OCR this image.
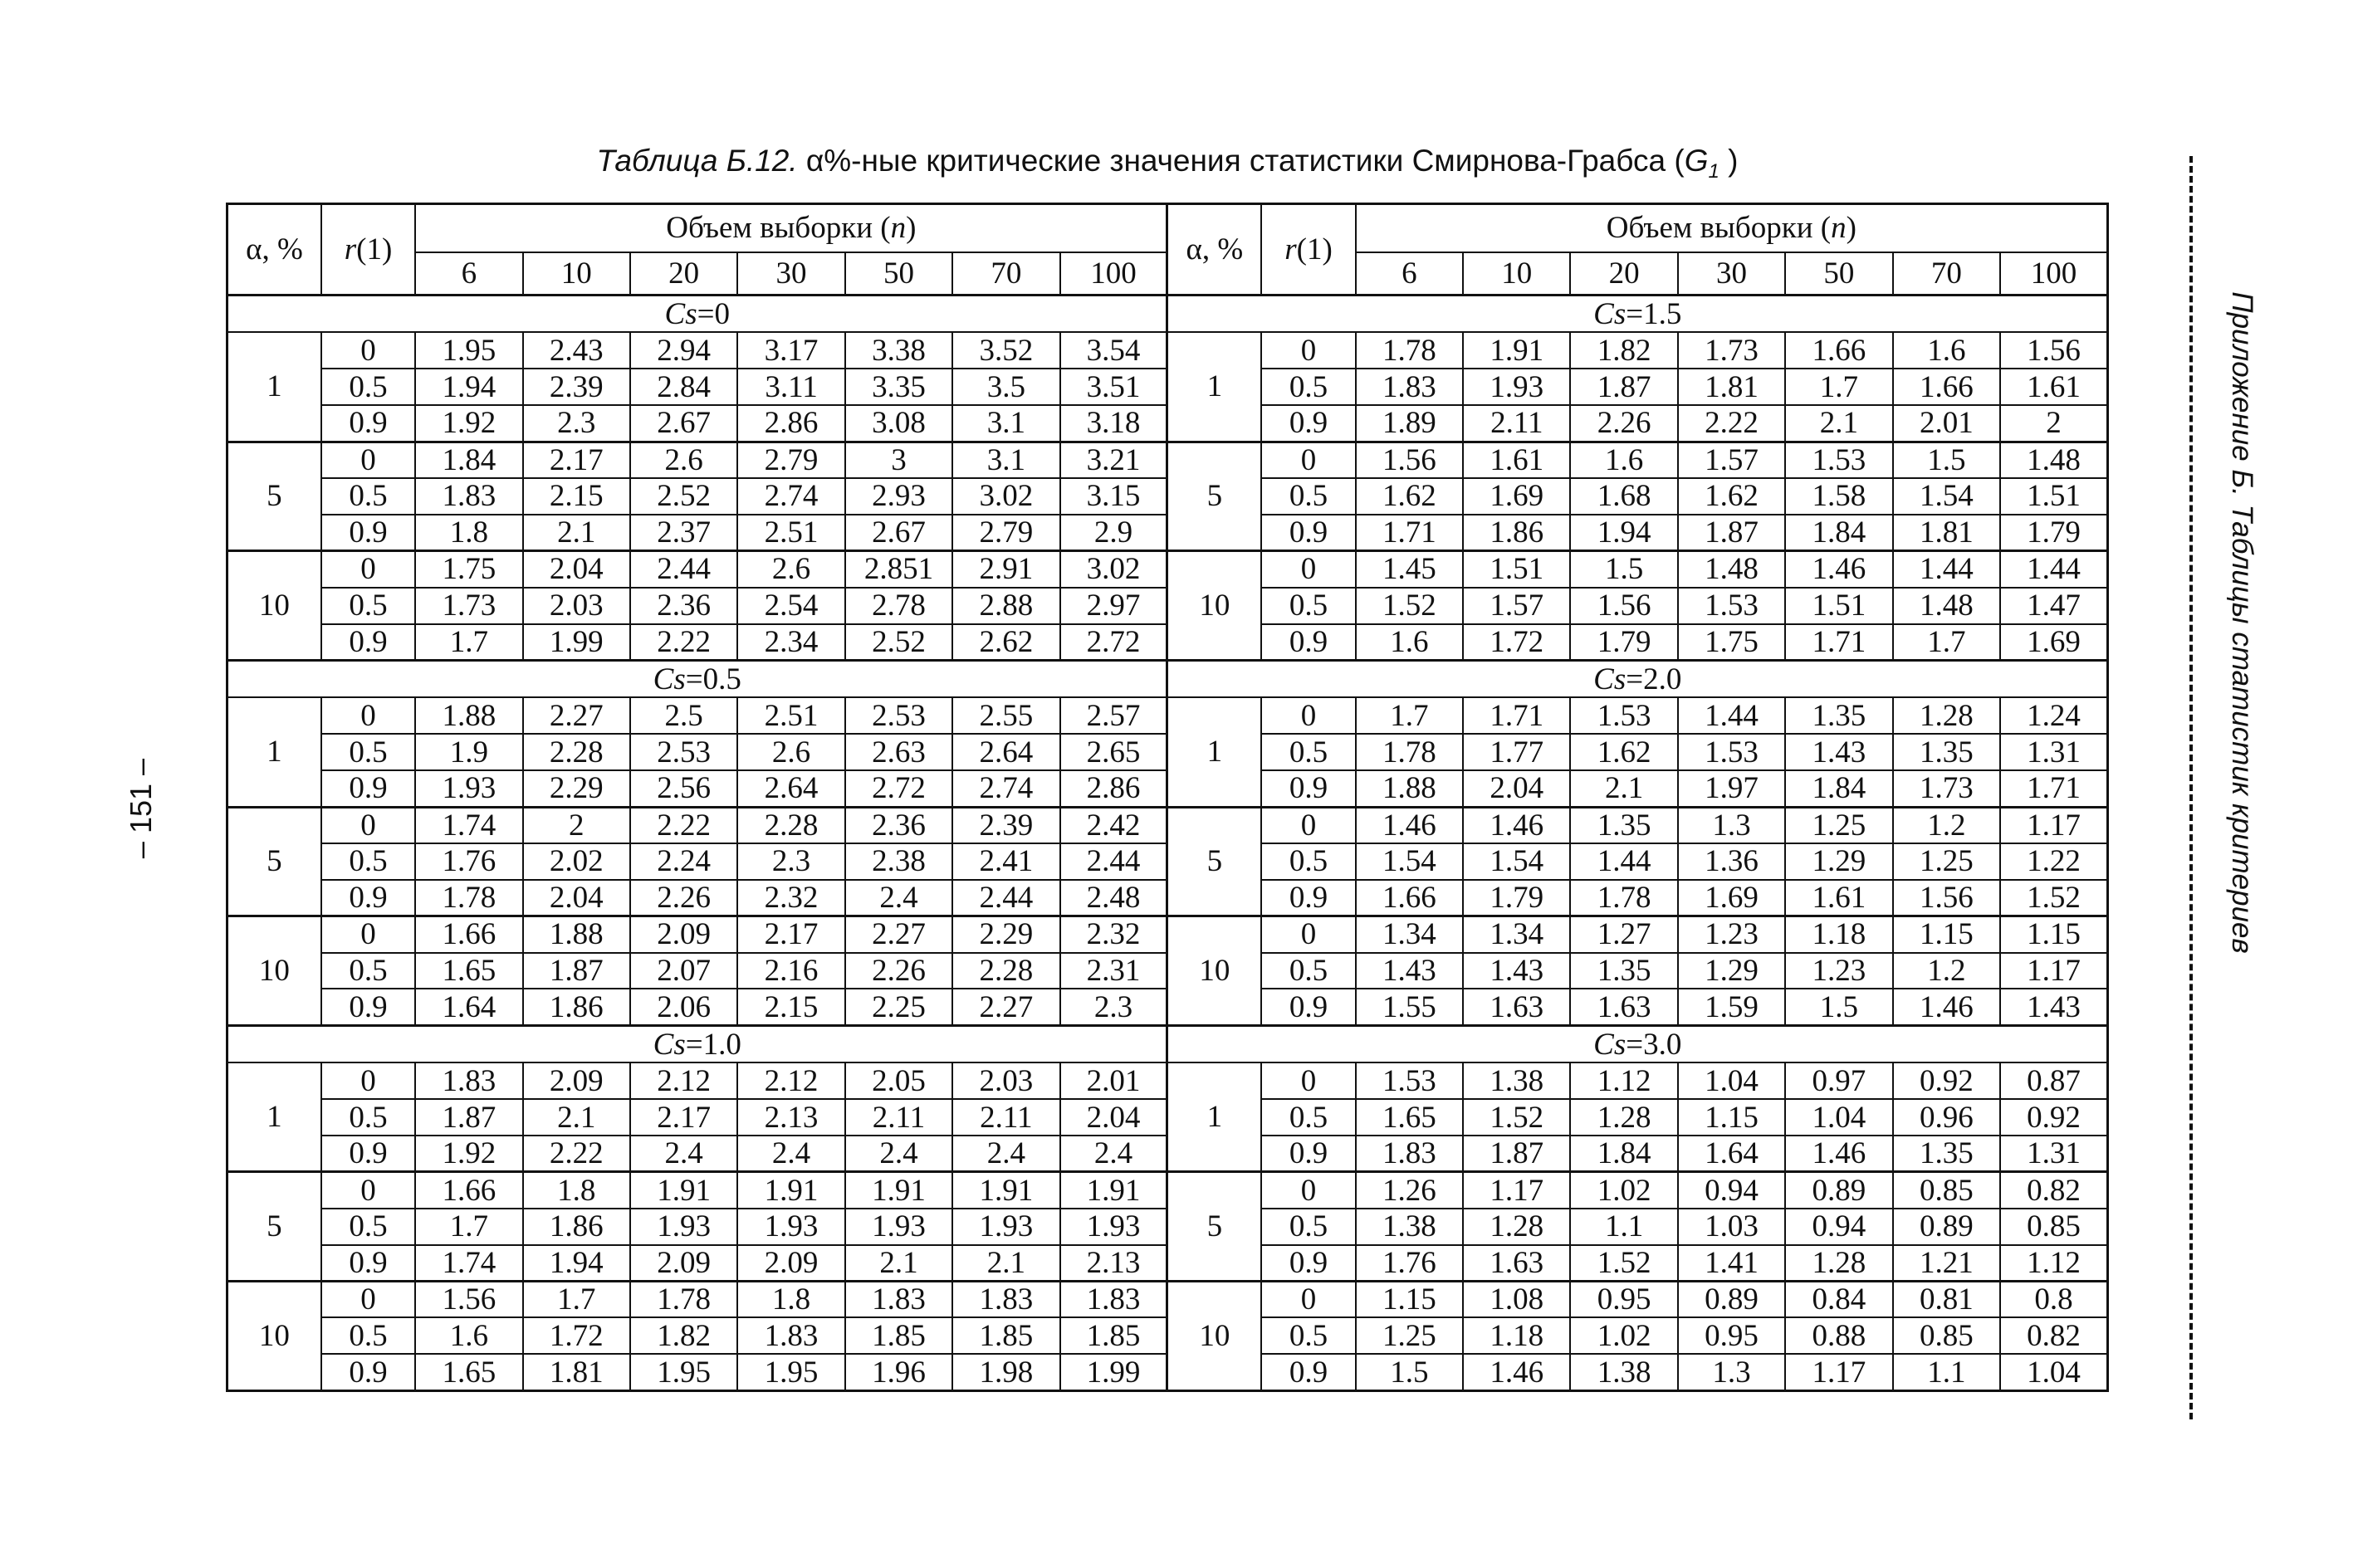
Таблица Б.12. α%-ные критические значения статистики Смирнова-Грабса ($G_1$ )
α, %	r(1)	Объем выборки (n)							α, %	r(1)	Объем выборки (n)						
		6	10	20	30	50	70	100			6	10	20	30	50	70	100
Cs=0									Cs=1.5								
1	0	1.95	2.43	2.94	3.17	3.38	3.52	3.54	1	0	1.78	1.91	1.82	1.73	1.66	1.6	1.56
	0.5	1.94	2.39	2.84	3.11	3.35	3.5	3.51		0.5	1.83	1.93	1.87	1.81	1.7	1.66	1.61
	0.9	1.92	2.3	2.67	2.86	3.08	3.1	3.18		0.9	1.89	2.11	2.26	2.22	2.1	2.01	2
5	0	1.84	2.17	2.6	2.79	3	3.1	3.21	5	0	1.56	1.61	1.6	1.57	1.53	1.5	1.48
	0.5	1.83	2.15	2.52	2.74	2.93	3.02	3.15		0.5	1.62	1.69	1.68	1.62	1.58	1.54	1.51
	0.9	1.8	2.1	2.37	2.51	2.67	2.79	2.9		0.9	1.71	1.86	1.94	1.87	1.84	1.81	1.79
10	0	1.75	2.04	2.44	2.6	2.851	2.91	3.02	10	0	1.45	1.51	1.5	1.48	1.46	1.44	1.44
	0.5	1.73	2.03	2.36	2.54	2.78	2.88	2.97		0.5	1.52	1.57	1.56	1.53	1.51	1.48	1.47
	0.9	1.7	1.99	2.22	2.34	2.52	2.62	2.72		0.9	1.6	1.72	1.79	1.75	1.71	1.7	1.69
Cs=0.5									Cs=2.0								
1	0	1.88	2.27	2.5	2.51	2.53	2.55	2.57	1	0	1.7	1.71	1.53	1.44	1.35	1.28	1.24
	0.5	1.9	2.28	2.53	2.6	2.63	2.64	2.65		0.5	1.78	1.77	1.62	1.53	1.43	1.35	1.31
	0.9	1.93	2.29	2.56	2.64	2.72	2.74	2.86		0.9	1.88	2.04	2.1	1.97	1.84	1.73	1.71
5	0	1.74	2	2.22	2.28	2.36	2.39	2.42	5	0	1.46	1.46	1.35	1.3	1.25	1.2	1.17
	0.5	1.76	2.02	2.24	2.3	2.38	2.41	2.44		0.5	1.54	1.54	1.44	1.36	1.29	1.25	1.22
	0.9	1.78	2.04	2.26	2.32	2.4	2.44	2.48		0.9	1.66	1.79	1.78	1.69	1.61	1.56	1.52
10	0	1.66	1.88	2.09	2.17	2.27	2.29	2.32	10	0	1.34	1.34	1.27	1.23	1.18	1.15	1.15
	0.5	1.65	1.87	2.07	2.16	2.26	2.28	2.31		0.5	1.43	1.43	1.35	1.29	1.23	1.2	1.17
	0.9	1.64	1.86	2.06	2.15	2.25	2.27	2.3		0.9	1.55	1.63	1.63	1.59	1.5	1.46	1.43
Cs=1.0									Cs=3.0								
1	0	1.83	2.09	2.12	2.12	2.05	2.03	2.01	1	0	1.53	1.38	1.12	1.04	0.97	0.92	0.87
	0.5	1.87	2.1	2.17	2.13	2.11	2.11	2.04		0.5	1.65	1.52	1.28	1.15	1.04	0.96	0.92
	0.9	1.92	2.22	2.4	2.4	2.4	2.4	2.4		0.9	1.83	1.87	1.84	1.64	1.46	1.35	1.31
5	0	1.66	1.8	1.91	1.91	1.91	1.91	1.91	5	0	1.26	1.17	1.02	0.94	0.89	0.85	0.82
	0.5	1.7	1.86	1.93	1.93	1.93	1.93	1.93		0.5	1.38	1.28	1.1	1.03	0.94	0.89	0.85
	0.9	1.74	1.94	2.09	2.09	2.1	2.1	2.13		0.9	1.76	1.63	1.52	1.41	1.28	1.21	1.12
10	0	1.56	1.7	1.78	1.8	1.83	1.83	1.83	10	0	1.15	1.08	0.95	0.89	0.84	0.81	0.8
	0.5	1.6	1.72	1.82	1.83	1.85	1.85	1.85		0.5	1.25	1.18	1.02	0.95	0.88	0.85	0.82
	0.9	1.65	1.81	1.95	1.95	1.96	1.98	1.99		0.9	1.5	1.46	1.38	1.3	1.17	1.1	1.04
– 151 –	Приложение Б. Таблицы статистик критериев
